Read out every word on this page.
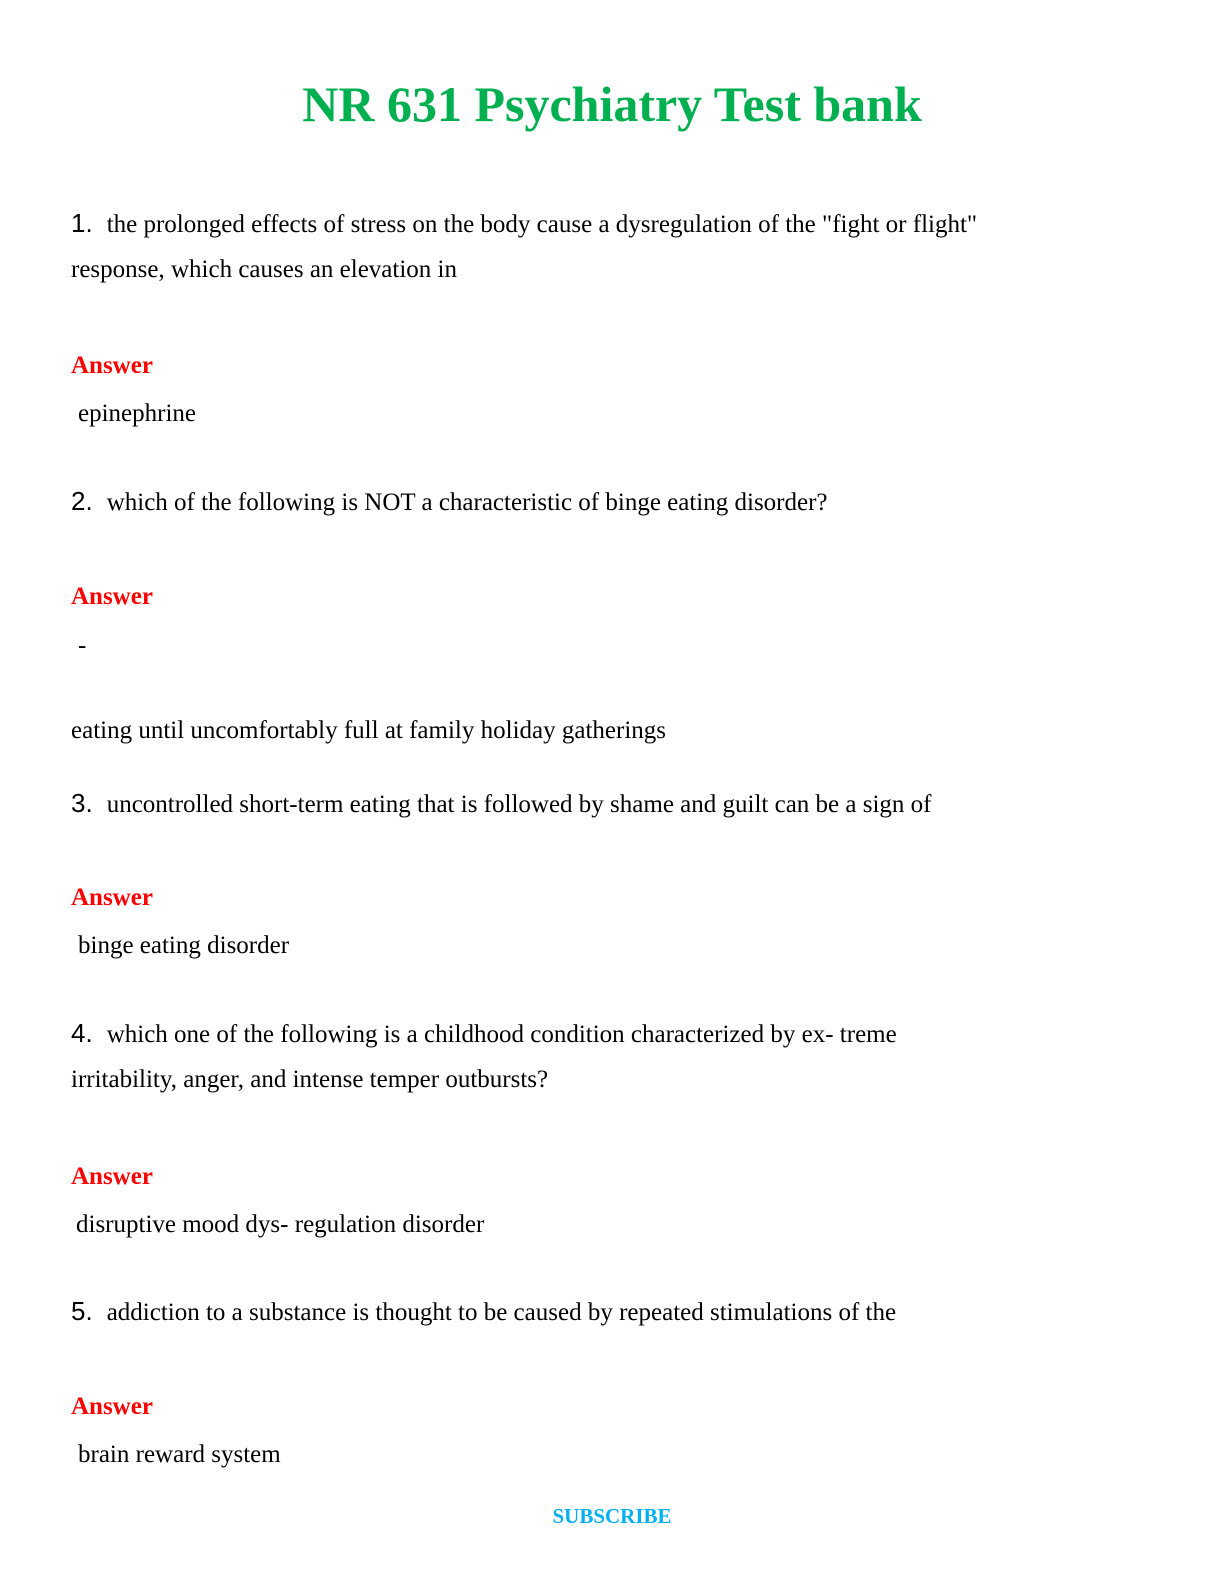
NR 631 Psychiatry Test bank
1. the prolonged effects of stress on the body cause a dysregulation of the "fight or flight"
response, which causes an elevation in
Answer
epinephrine
2. which of the following is NOT a characteristic of binge eating disorder?
Answer
-
eating until uncomfortably full at family holiday gatherings
3. uncontrolled short-term eating that is followed by shame and guilt can be a sign of
Answer
binge eating disorder
4. which one of the following is a childhood condition characterized by ex- treme
irritability, anger, and intense temper outbursts?
Answer
disruptive mood dys- regulation disorder
5. addiction to a substance is thought to be caused by repeated stimulations of the
Answer
brain reward system
SUBSCRIBE
